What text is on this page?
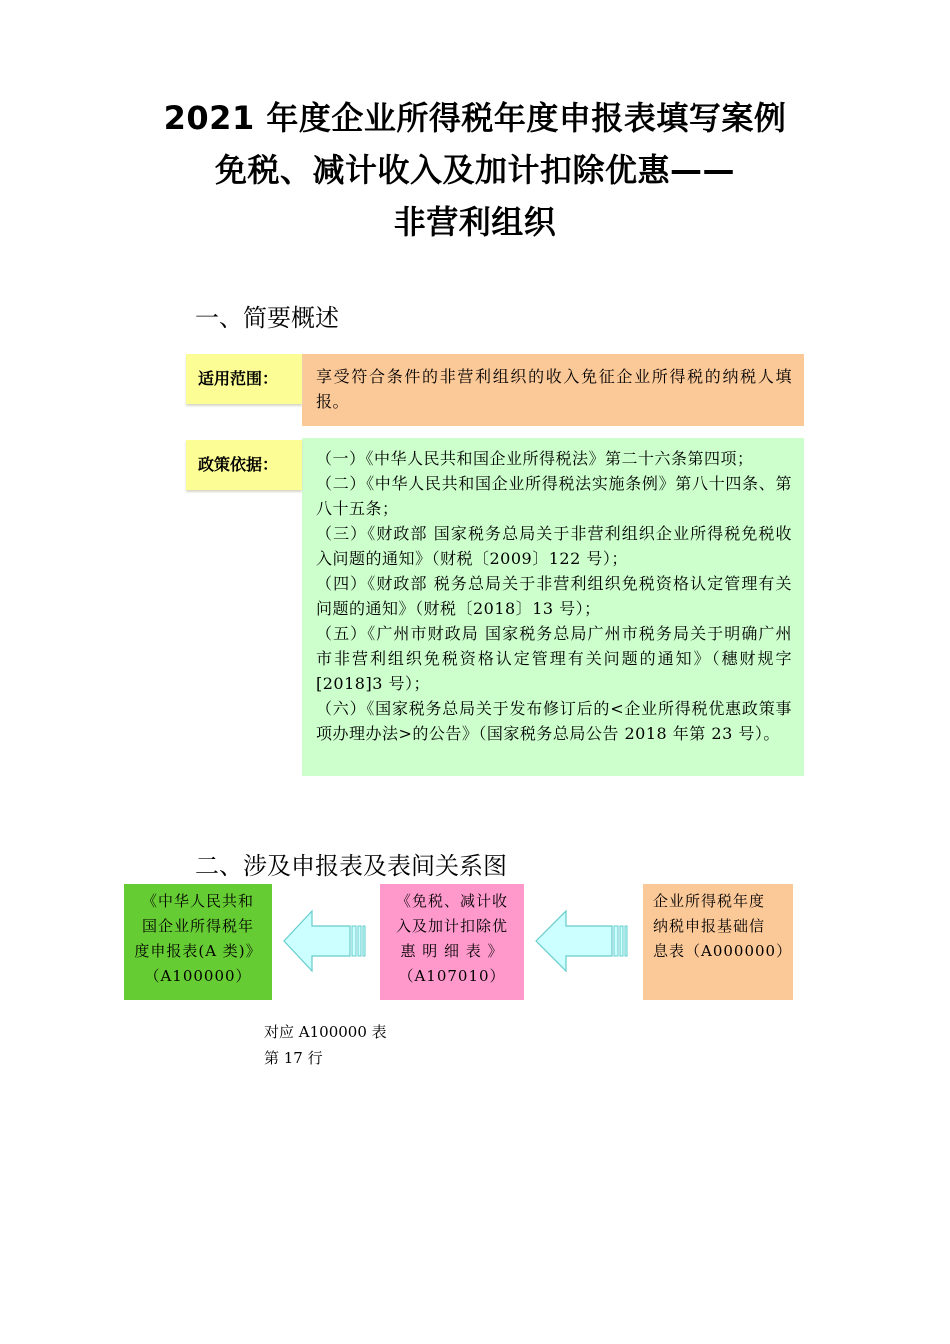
2021 年度企业所得税年度申报表填写案例
免税、减计收入及加计扣除优惠——
非营利组织
一、简要概述
享受符合条件的非营利组织的收入免征企业所得税的纳税人填报。
适用范围：
（一）《中华人民共和国企业所得税法》第二十六条第四项；
（二）《中华人民共和国企业所得税法实施条例》第八十四条、第八十五条；
（三）《财政部 国家税务总局关于非营利组织企业所得税免税收入问题的通知》（财税〔2009〕122 号）；
（四）《财政部 税务总局关于非营利组织免税资格认定管理有关问题的通知》（财税〔2018〕13 号）；
（五）《广州市财政局 国家税务总局广州市税务局关于明确广州市非营利组织免税资格认定管理有关问题的通知》（穗财规字[2018]3 号）；
（六）《国家税务总局关于发布修订后的<企业所得税优惠政策事项办理办法>的公告》（国家税务总局公告 2018 年第 23 号）。
政策依据：
二、涉及申报表及表间关系图
《中华人民共和
国企业所得税年
度申报表(A 类)》
（A100000）
《免税、减计收
入及加计扣除优
惠 明 细 表 》
（A107010）
企业所得税年度
纳税申报基础信
息表（A000000）
对应 A100000 表
第 17 行
